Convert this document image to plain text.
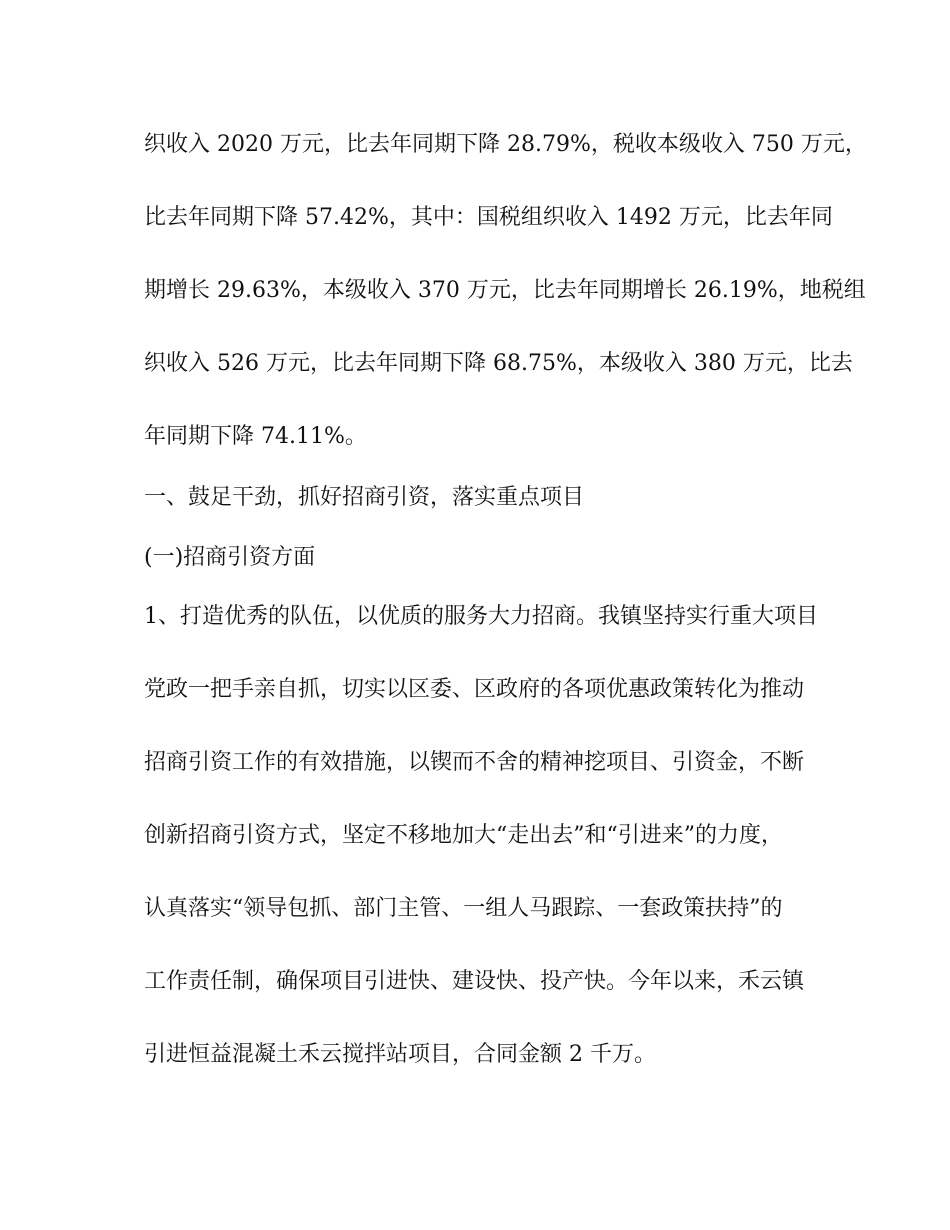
织收入 2020 万元，比去年同期下降 28.79%，税收本级收入 750 万元，
比去年同期下降 57.42%，其中：国税组织收入 1492 万元，比去年同
期增长 29.63%，本级收入 370 万元，比去年同期增长 26.19%，地税组
织收入 526 万元，比去年同期下降 68.75%，本级收入 380 万元，比去
年同期下降 74.11%。
一、鼓足干劲，抓好招商引资，落实重点项目
(一)招商引资方面
1、打造优秀的队伍，以优质的服务大力招商。我镇坚持实行重大项目
党政一把手亲自抓，切实以区委、区政府的各项优惠政策转化为推动
招商引资工作的有效措施，以锲而不舍的精神挖项目、引资金，不断
创新招商引资方式，坚定不移地加大“走出去”和“引进来”的力度，
认真落实“领导包抓、部门主管、一组人马跟踪、一套政策扶持”的
工作责任制，确保项目引进快、建设快、投产快。今年以来，禾云镇
引进恒益混凝土禾云搅拌站项目，合同金额 2 千万。
